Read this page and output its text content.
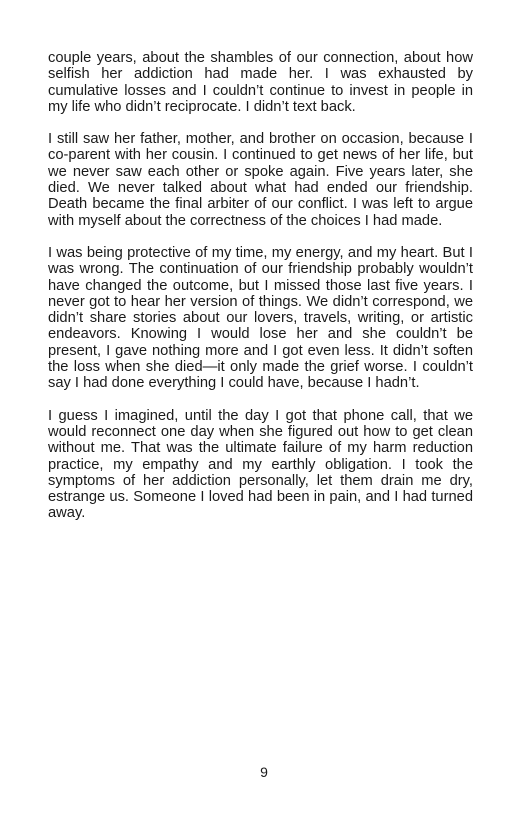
couple years, about the shambles of our connection, about how selfish her addiction had made her. I was exhausted by cumulative losses and I couldn’t continue to invest in people in my life who didn’t reciprocate. I didn’t text back.

I still saw her father, mother, and brother on occasion, because I co-parent with her cousin. I continued to get news of her life, but we never saw each other or spoke again. Five years later, she died. We never talked about what had ended our friendship. Death became the final arbiter of our conflict. I was left to argue with myself about the correctness of the choices I had made.

I was being protective of my time, my energy, and my heart. But I was wrong. The continuation of our friendship probably wouldn’t have changed the outcome, but I missed those last five years. I never got to hear her version of things. We didn’t correspond, we didn’t share stories about our lovers, travels, writing, or artistic endeavors. Knowing I would lose her and she couldn’t be present, I gave nothing more and I got even less. It didn’t soften the loss when she died—it only made the grief worse. I couldn’t say I had done everything I could have, because I hadn’t.

I guess I imagined, until the day I got that phone call, that we would reconnect one day when she figured out how to get clean without me. That was the ultimate failure of my harm reduction practice, my empathy and my earthly obligation. I took the symptoms of her addiction personally, let them drain me dry, estrange us. Someone I loved had been in pain, and I had turned away.

9
